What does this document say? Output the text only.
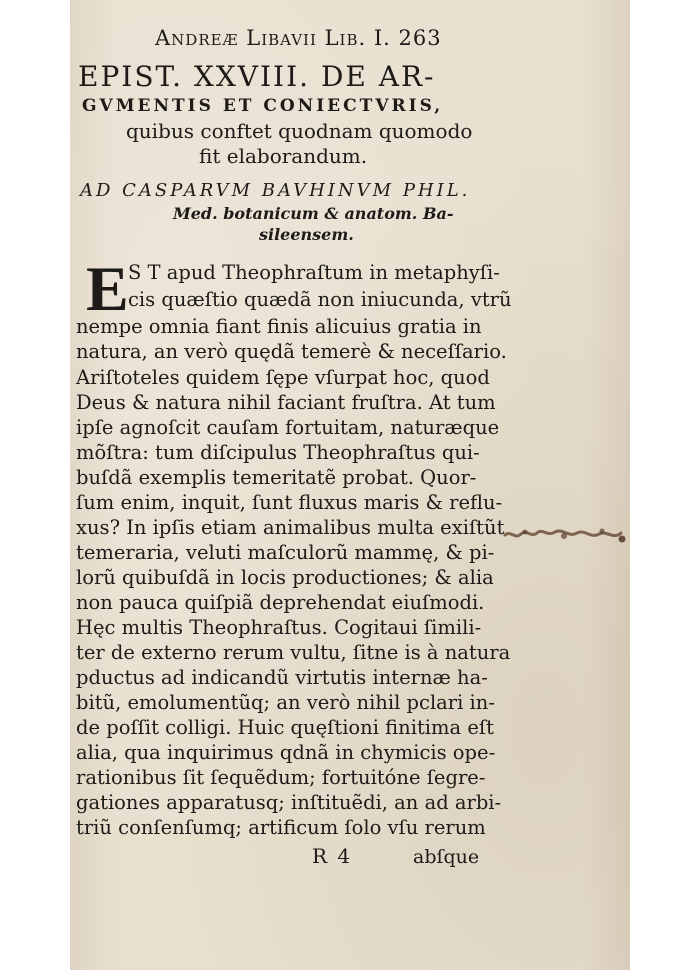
Andreæ Libavii Lib. I. 263
EPIST. XXVIII. DE AR-
GVMENTIS ET CONIECTVRIS,
quibus conftet quodnam quomodo
fit elaborandum.
AD CASPARVM BAVHINVM PHIL.
Med. botanicum & anatom. Ba-
sileensem.
E S T apud Theophraſtum in metaphyſi-
cis quæſtio quædã non iniucunda, vtrũ
nempe omnia fiant finis alicuius gratia in
natura, an verò quędã temerè & neceſſario.
Ariſtoteles quidem ſępe vſurpat hoc, quod
Deus & natura nihil faciant fruſtra. At tum
ipſe agnoſcit cauſam fortuitam, naturæque
mõſtra: tum diſcipulus Theophraſtus qui-
buſdã exemplis temeritatẽ probat. Quor-
ſum enim, inquit, ſunt fluxus maris & reflu-
xus? In ipſis etiam animalibus multa exiſtũt
temeraria, veluti maſculorũ mammę, & pi-
lorũ quibuſdã in locis productiones; & alia
non pauca quiſpiã deprehendat eiuſmodi.
Hęc multis Theophraſtus. Cogitaui ſimili-
ter de externo rerum vultu, ſitne is à natura
pductus ad indicandũ virtutis internæ ha-
bitũ, emolumentũq; an verò nihil pclari in-
de poſſit colligi. Huic quęſtioni finitima eſt
alia, qua inquirimus qdnã in chymicis ope-
rationibus ſit ſequẽdum; fortuitóne ſegre-
gationes apparatusq; inſtituẽdi, an ad arbi-
triũ conſenſumq; artificum ſolo vſu rerum
R 4	abſque
